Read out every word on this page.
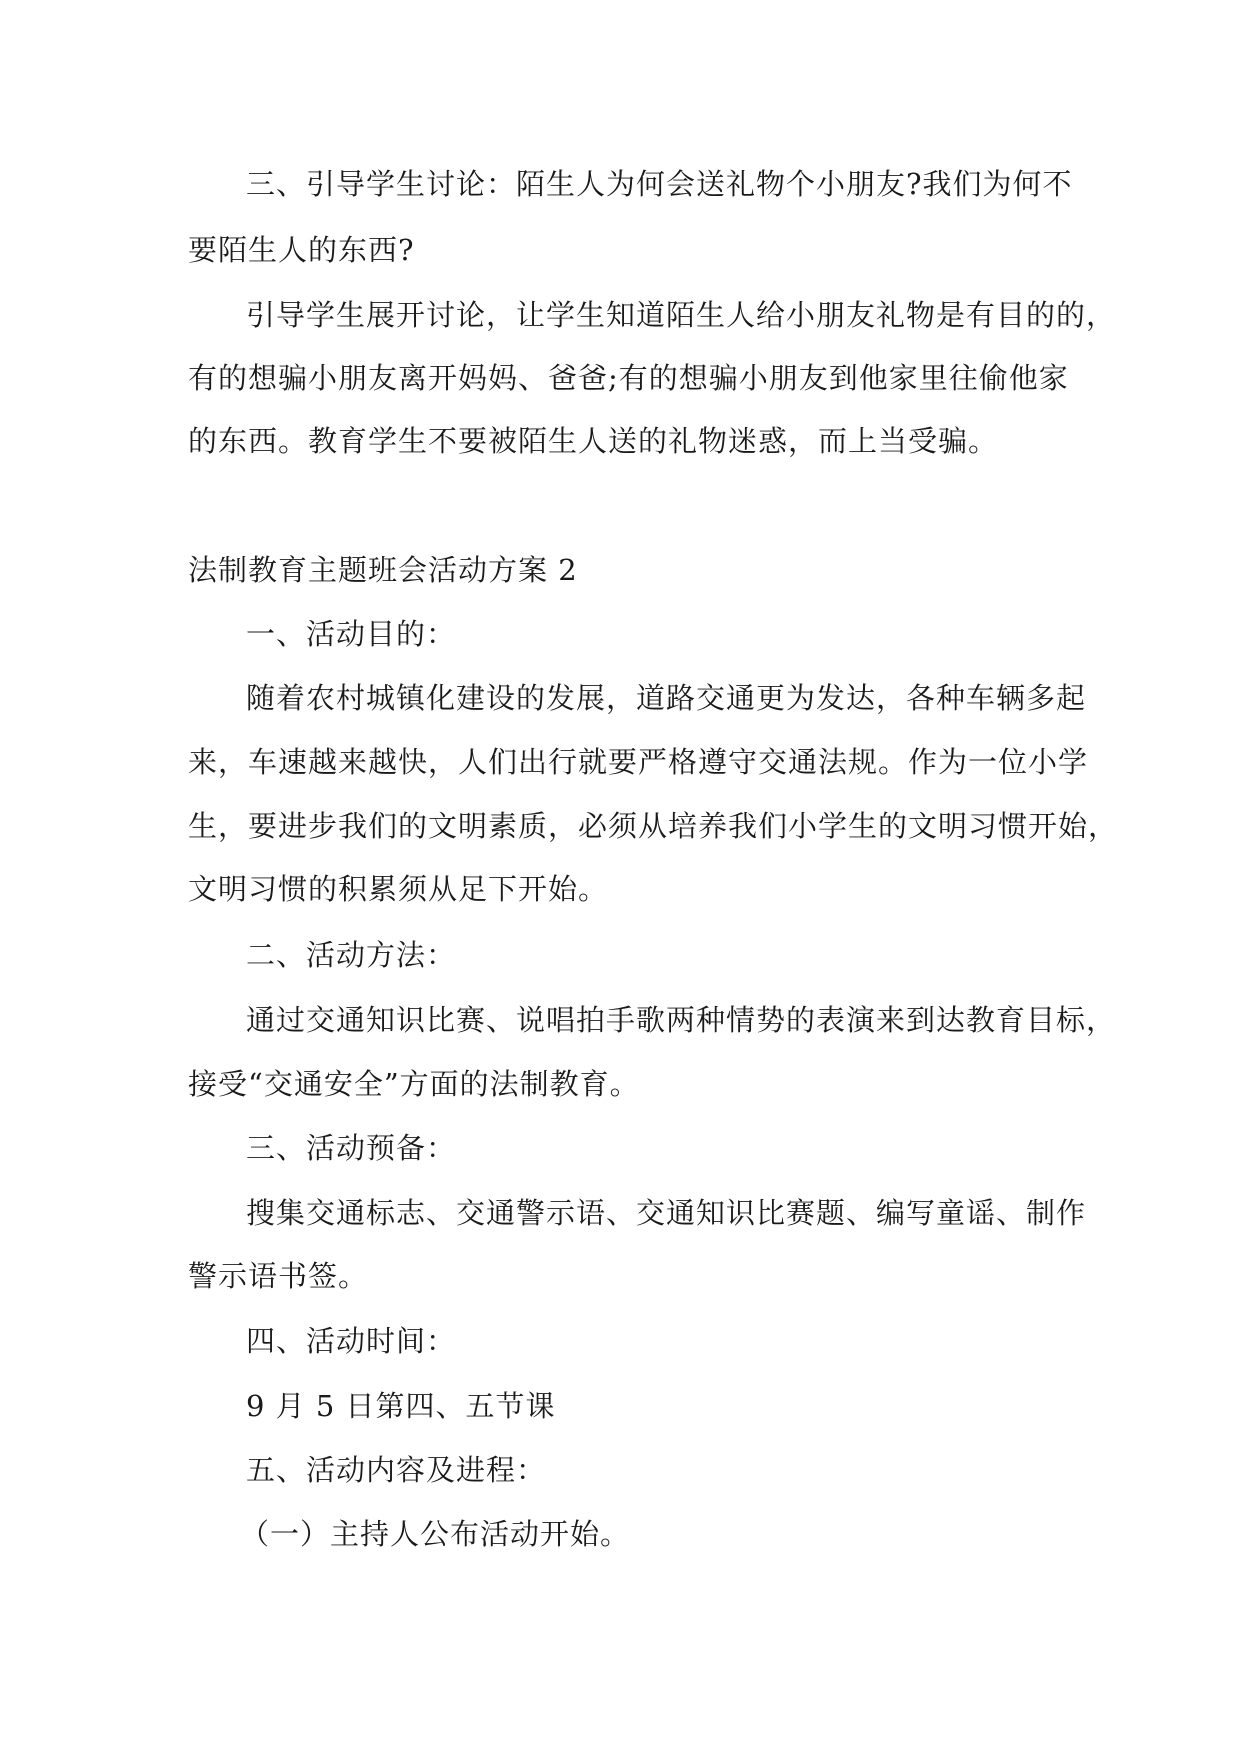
三、引导学生讨论：陌生人为何会送礼物个小朋友?我们为何不
要陌生人的东西?
引导学生展开讨论，让学生知道陌生人给小朋友礼物是有目的的，
有的想骗小朋友离开妈妈、爸爸;有的想骗小朋友到他家里往偷他家
的东西。教育学生不要被陌生人送的礼物迷惑，而上当受骗。
法制教育主题班会活动方案 2
一、活动目的：
随着农村城镇化建设的发展，道路交通更为发达，各种车辆多起
来，车速越来越快，人们出行就要严格遵守交通法规。作为一位小学
生，要进步我们的文明素质，必须从培养我们小学生的文明习惯开始，
文明习惯的积累须从足下开始。
二、活动方法：
通过交通知识比赛、说唱拍手歌两种情势的表演来到达教育目标，
接受“交通安全”方面的法制教育。
三、活动预备：
搜集交通标志、交通警示语、交通知识比赛题、编写童谣、制作
警示语书签。
四、活动时间：
9 月 5 日第四、五节课
五、活动内容及进程：
（一）主持人公布活动开始。
